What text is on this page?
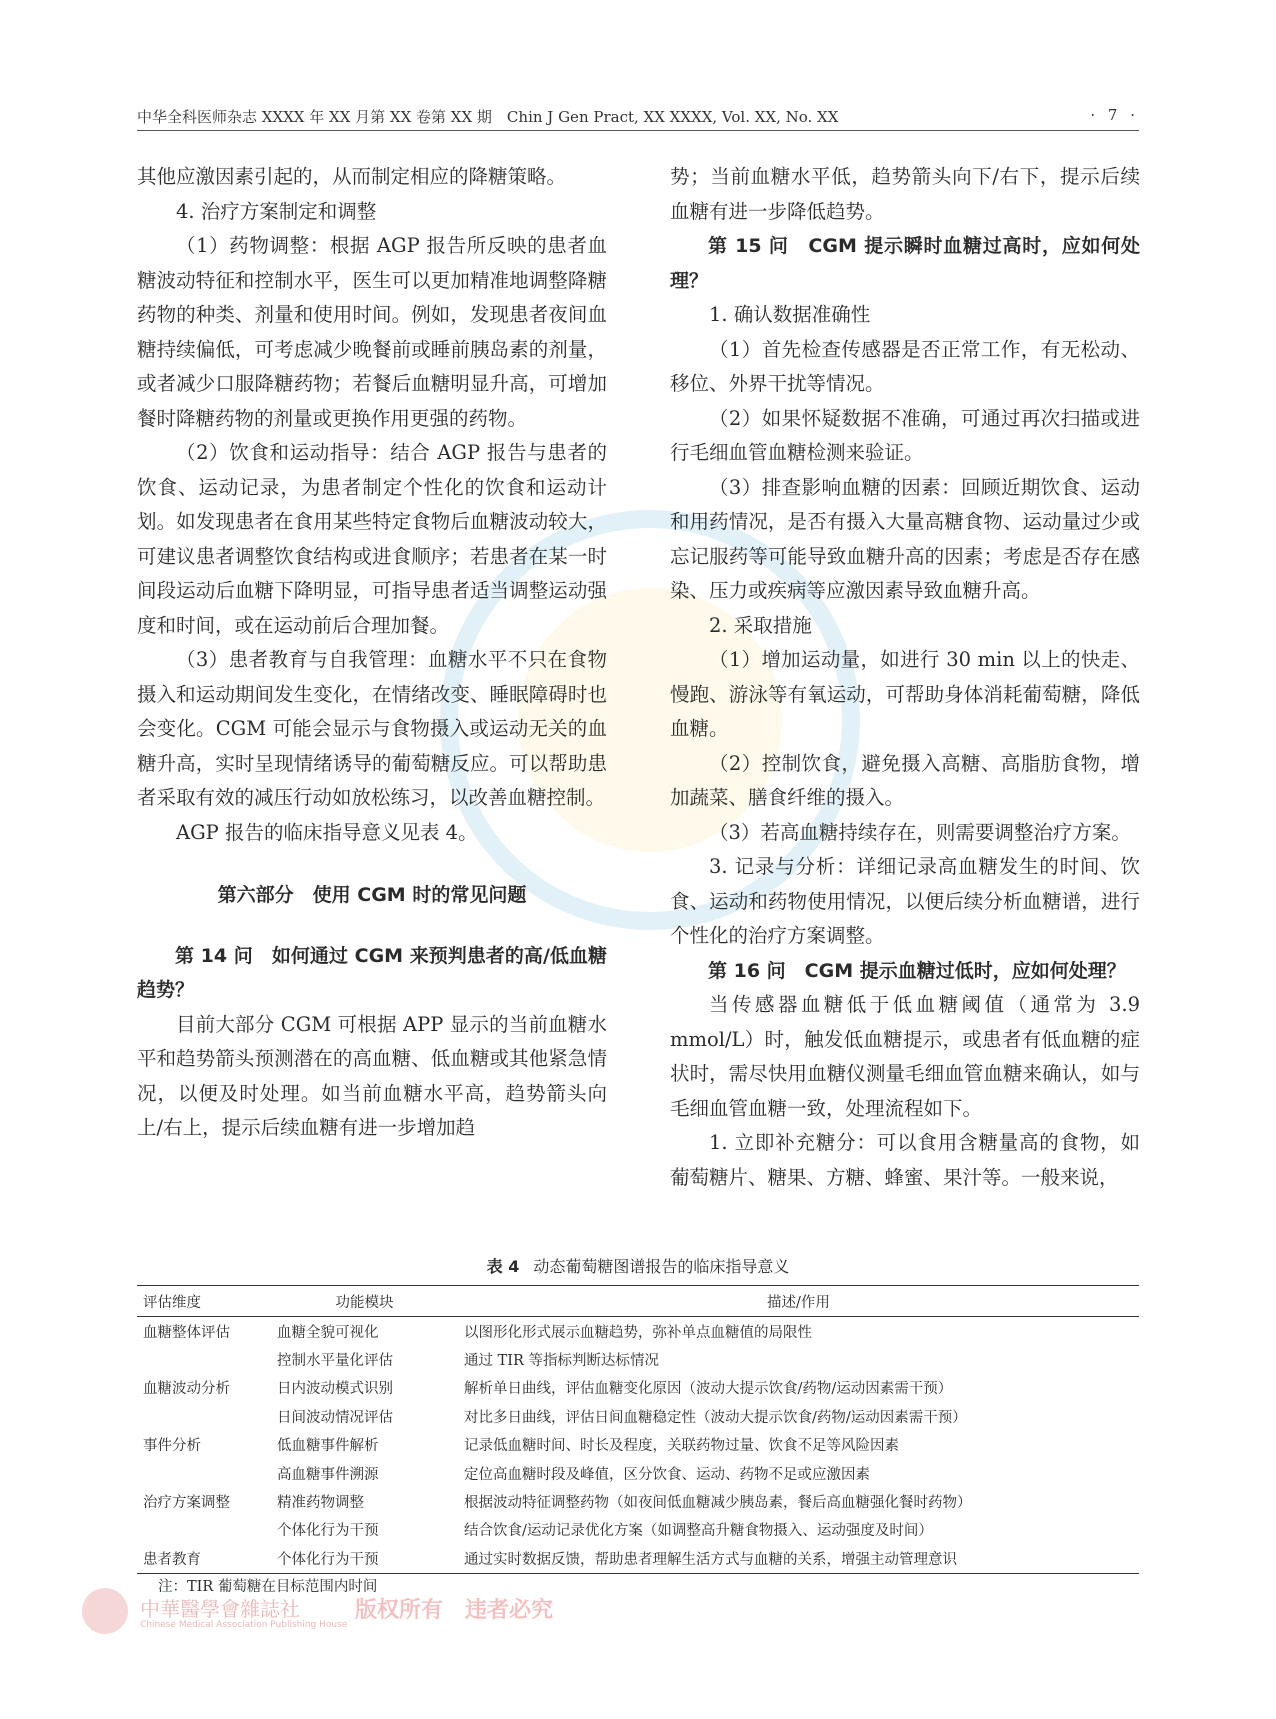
中华全科医师杂志 XXXX 年 XX 月第 XX 卷第 XX 期　Chin J Gen Pract, XX XXXX, Vol. XX, No. XX	· 7 ·

其他应激因素引起的，从而制定相应的降糖策略。

4. 治疗方案制定和调整

（1）药物调整：根据 AGP 报告所反映的患者血糖波动特征和控制水平，医生可以更加精准地调整降糖药物的种类、剂量和使用时间。例如，发现患者夜间血糖持续偏低，可考虑减少晚餐前或睡前胰岛素的剂量，或者减少口服降糖药物；若餐后血糖明显升高，可增加餐时降糖药物的剂量或更换作用更强的药物。

（2）饮食和运动指导：结合 AGP 报告与患者的饮食、运动记录，为患者制定个性化的饮食和运动计划。如发现患者在食用某些特定食物后血糖波动较大，可建议患者调整饮食结构或进食顺序；若患者在某一时间段运动后血糖下降明显，可指导患者适当调整运动强度和时间，或在运动前后合理加餐。

（3）患者教育与自我管理：血糖水平不只在食物摄入和运动期间发生变化，在情绪改变、睡眠障碍时也会变化。CGM 可能会显示与食物摄入或运动无关的血糖升高，实时呈现情绪诱导的葡萄糖反应。可以帮助患者采取有效的减压行动如放松练习，以改善血糖控制。

AGP 报告的临床指导意义见表 4。

第六部分　使用 CGM 时的常见问题

第 14 问　如何通过 CGM 来预判患者的高/低血糖趋势？

目前大部分 CGM 可根据 APP 显示的当前血糖水平和趋势箭头预测潜在的高血糖、低血糖或其他紧急情况，以便及时处理。如当前血糖水平高，趋势箭头向上/右上，提示后续血糖有进一步增加趋

势；当前血糖水平低，趋势箭头向下/右下，提示后续血糖有进一步降低趋势。

第 15 问　CGM 提示瞬时血糖过高时，应如何处理？

1. 确认数据准确性

（1）首先检查传感器是否正常工作，有无松动、移位、外界干扰等情况。

（2）如果怀疑数据不准确，可通过再次扫描或进行毛细血管血糖检测来验证。

（3）排查影响血糖的因素：回顾近期饮食、运动和用药情况，是否有摄入大量高糖食物、运动量过少或忘记服药等可能导致血糖升高的因素；考虑是否存在感染、压力或疾病等应激因素导致血糖升高。

2. 采取措施

（1）增加运动量，如进行 30 min 以上的快走、慢跑、游泳等有氧运动，可帮助身体消耗葡萄糖，降低血糖。

（2）控制饮食，避免摄入高糖、高脂肪食物，增加蔬菜、膳食纤维的摄入。

（3）若高血糖持续存在，则需要调整治疗方案。

3. 记录与分析：详细记录高血糖发生的时间、饮食、运动和药物使用情况，以便后续分析血糖谱，进行个性化的治疗方案调整。

第 16 问　CGM 提示血糖过低时，应如何处理？

当传感器血糖低于低血糖阈值（通常为 3.9 mmol/L）时，触发低血糖提示，或患者有低血糖的症状时，需尽快用血糖仪测量毛细血管血糖来确认，如与毛细血管血糖一致，处理流程如下。

1. 立即补充糖分：可以食用含糖量高的食物，如葡萄糖片、糖果、方糖、蜂蜜、果汁等。一般来说，

表 4 动态葡萄糖图谱报告的临床指导意义
评估维度	功能模块	描述/作用
血糖整体评估	血糖全貌可视化	以图形化形式展示血糖趋势，弥补单点血糖值的局限性
	控制水平量化评估	通过 TIR 等指标判断达标情况
血糖波动分析	日内波动模式识别	解析单日曲线，评估血糖变化原因（波动大提示饮食/药物/运动因素需干预）
	日间波动情况评估	对比多日曲线，评估日间血糖稳定性（波动大提示饮食/药物/运动因素需干预）
事件分析	低血糖事件解析	记录低血糖时间、时长及程度，关联药物过量、饮食不足等风险因素
	高血糖事件溯源	定位高血糖时段及峰值，区分饮食、运动、药物不足或应激因素
治疗方案调整	精准药物调整	根据波动特征调整药物（如夜间低血糖减少胰岛素，餐后高血糖强化餐时药物）
	个体化行为干预	结合饮食/运动记录优化方案（如调整高升糖食物摄入、运动强度及时间）
患者教育	个体化行为干预	通过实时数据反馈，帮助患者理解生活方式与血糖的关系，增强主动管理意识
注：TIR 葡萄糖在目标范围内时间
中華醫學會雜誌社
Chinese Medical Association Publishing House
版权所有　违者必究
